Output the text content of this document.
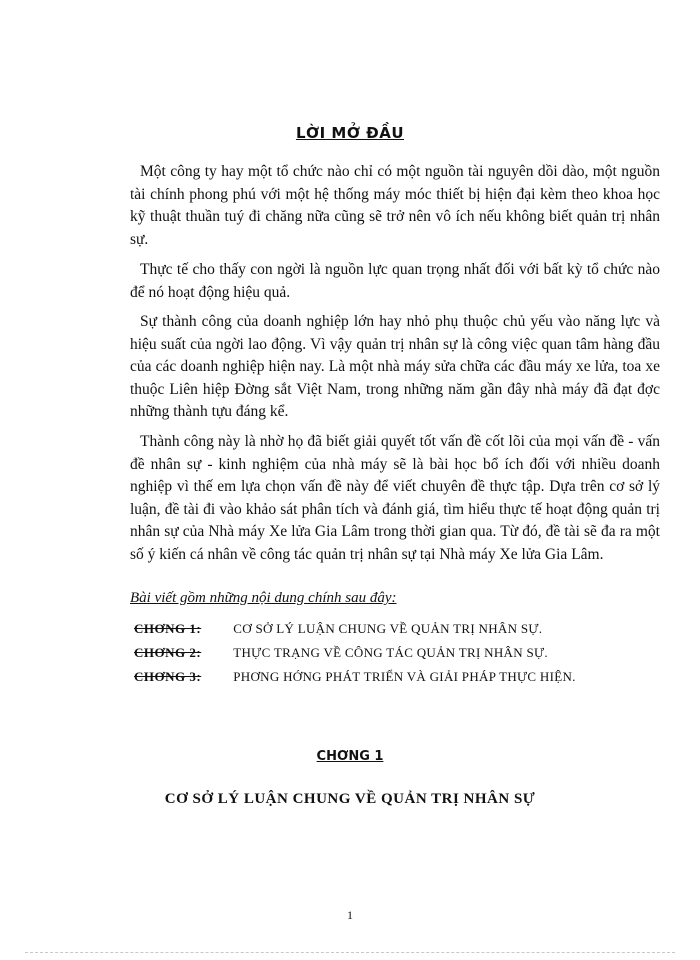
LỜI MỞ ĐẦU

Một công ty hay một tổ chức nào chỉ có một nguồn tài nguyên dồi dào, một nguồn tài chính phong phú với một hệ thống máy móc thiết bị hiện đại kèm theo khoa học kỹ thuật thuần tuý đi chăng nữa cũng sẽ trở nên vô ích nếu không biết quản trị nhân sự.

Thực tế cho thấy con ngời là nguồn lực quan trọng nhất đối với bất kỳ tổ chức nào để nó hoạt động hiệu quả.

Sự thành công của doanh nghiệp lớn hay nhỏ phụ thuộc chủ yếu vào năng lực và hiệu suất của ngời lao động. Vì vậy quản trị nhân sự là công việc quan tâm hàng đầu của các doanh nghiệp hiện nay. Là một nhà máy sửa chữa các đầu máy xe lửa, toa xe thuộc Liên hiệp Đờng sắt Việt Nam, trong những năm gần đây nhà máy đã đạt đợc những thành tựu đáng kể.

Thành công này là nhờ họ đã biết giải quyết tốt vấn đề cốt lõi của mọi vấn đề - vấn đề nhân sự - kinh nghiệm của nhà máy sẽ là bài học bổ ích đối với nhiều doanh nghiệp vì thế em lựa chọn vấn đề này để viết chuyên đề thực tập. Dựa trên cơ sở lý luận, đề tài đi vào khảo sát phân tích và đánh giá, tìm hiểu thực tế hoạt động quản trị nhân sự của Nhà máy Xe lửa Gia Lâm trong thời gian qua. Từ đó, đề tài sẽ đa ra một số ý kiến cá nhân về công tác quản trị nhân sự tại Nhà máy Xe lửa Gia Lâm.

Bài viết gồm những nội dung chính sau đây:
CHƠNG 1: CƠ SỞ LÝ LUẬN CHUNG VỀ QUẢN TRỊ NHÂN SỰ.
CHƠNG 2: THỰC TRẠNG VỀ CÔNG TÁC QUẢN TRỊ NHÂN SỰ.
CHƠNG 3: PHƠNG HỚNG PHÁT TRIỂN VÀ GIẢI PHÁP THỰC HIỆN.
CHƠNG 1
CƠ SỞ LÝ LUẬN CHUNG VỀ QUẢN TRỊ NHÂN SỰ
1
